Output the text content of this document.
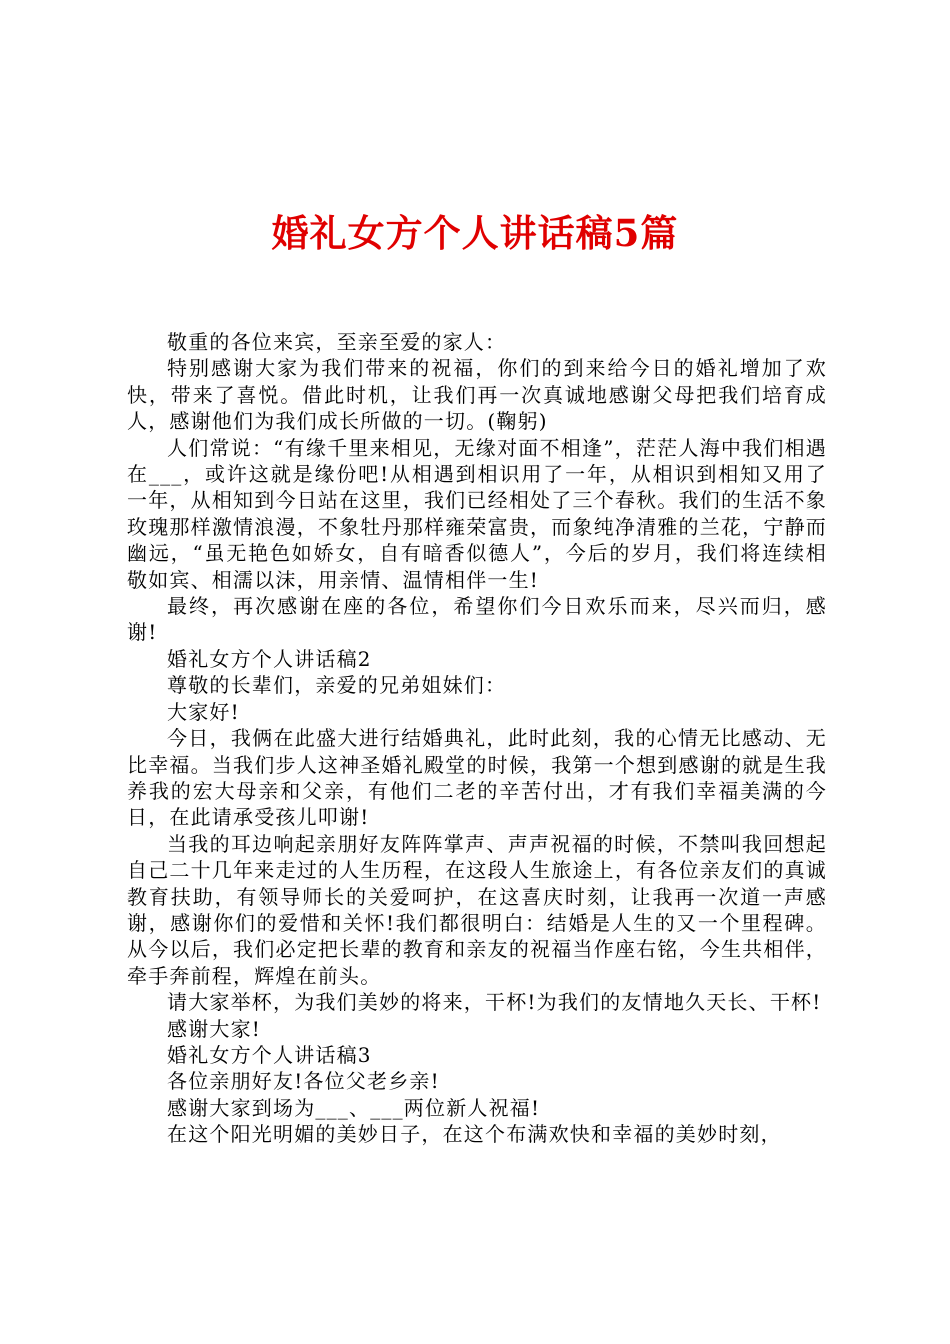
婚礼女方个人讲话稿5篇

敬重的各位来宾，至亲至爱的家人：

特别感谢大家为我们带来的祝福，你们的到来给今日的婚礼增加了欢快，带来了喜悦。借此时机，让我们再一次真诚地感谢父母把我们培育成人，感谢他们为我们成长所做的一切。(鞠躬)

人们常说：“有缘千里来相见，无缘对面不相逢”，茫茫人海中我们相遇在___，或许这就是缘份吧!从相遇到相识用了一年，从相识到相知又用了一年，从相知到今日站在这里，我们已经相处了三个春秋。我们的生活不象玫瑰那样激情浪漫，不象牡丹那样雍荣富贵，而象纯净清雅的兰花，宁静而幽远，“虽无艳色如娇女，自有暗香似德人”，今后的岁月，我们将连续相敬如宾、相濡以沫，用亲情、温情相伴一生!

最终，再次感谢在座的各位，希望你们今日欢乐而来，尽兴而归，感谢!

婚礼女方个人讲话稿2

尊敬的长辈们，亲爱的兄弟姐妹们：

大家好!

今日，我俩在此盛大进行结婚典礼，此时此刻，我的心情无比感动、无比幸福。当我们步人这神圣婚礼殿堂的时候，我第一个想到感谢的就是生我养我的宏大母亲和父亲，有他们二老的辛苦付出，才有我们幸福美满的今日，在此请承受孩儿叩谢!

当我的耳边响起亲朋好友阵阵掌声、声声祝福的时候，不禁叫我回想起自己二十几年来走过的人生历程，在这段人生旅途上，有各位亲友们的真诚教育扶助，有领导师长的关爱呵护，在这喜庆时刻，让我再一次道一声感谢，感谢你们的爱惜和关怀!我们都很明白：结婚是人生的又一个里程碑。从今以后，我们必定把长辈的教育和亲友的祝福当作座右铭，今生共相伴，牵手奔前程，辉煌在前头。

请大家举杯，为我们美妙的将来，干杯!为我们的友情地久天长、干杯!

感谢大家!

婚礼女方个人讲话稿3

各位亲朋好友!各位父老乡亲!

感谢大家到场为___、___两位新人祝福!

在这个阳光明媚的美妙日子，在这个布满欢快和幸福的美妙时刻，
